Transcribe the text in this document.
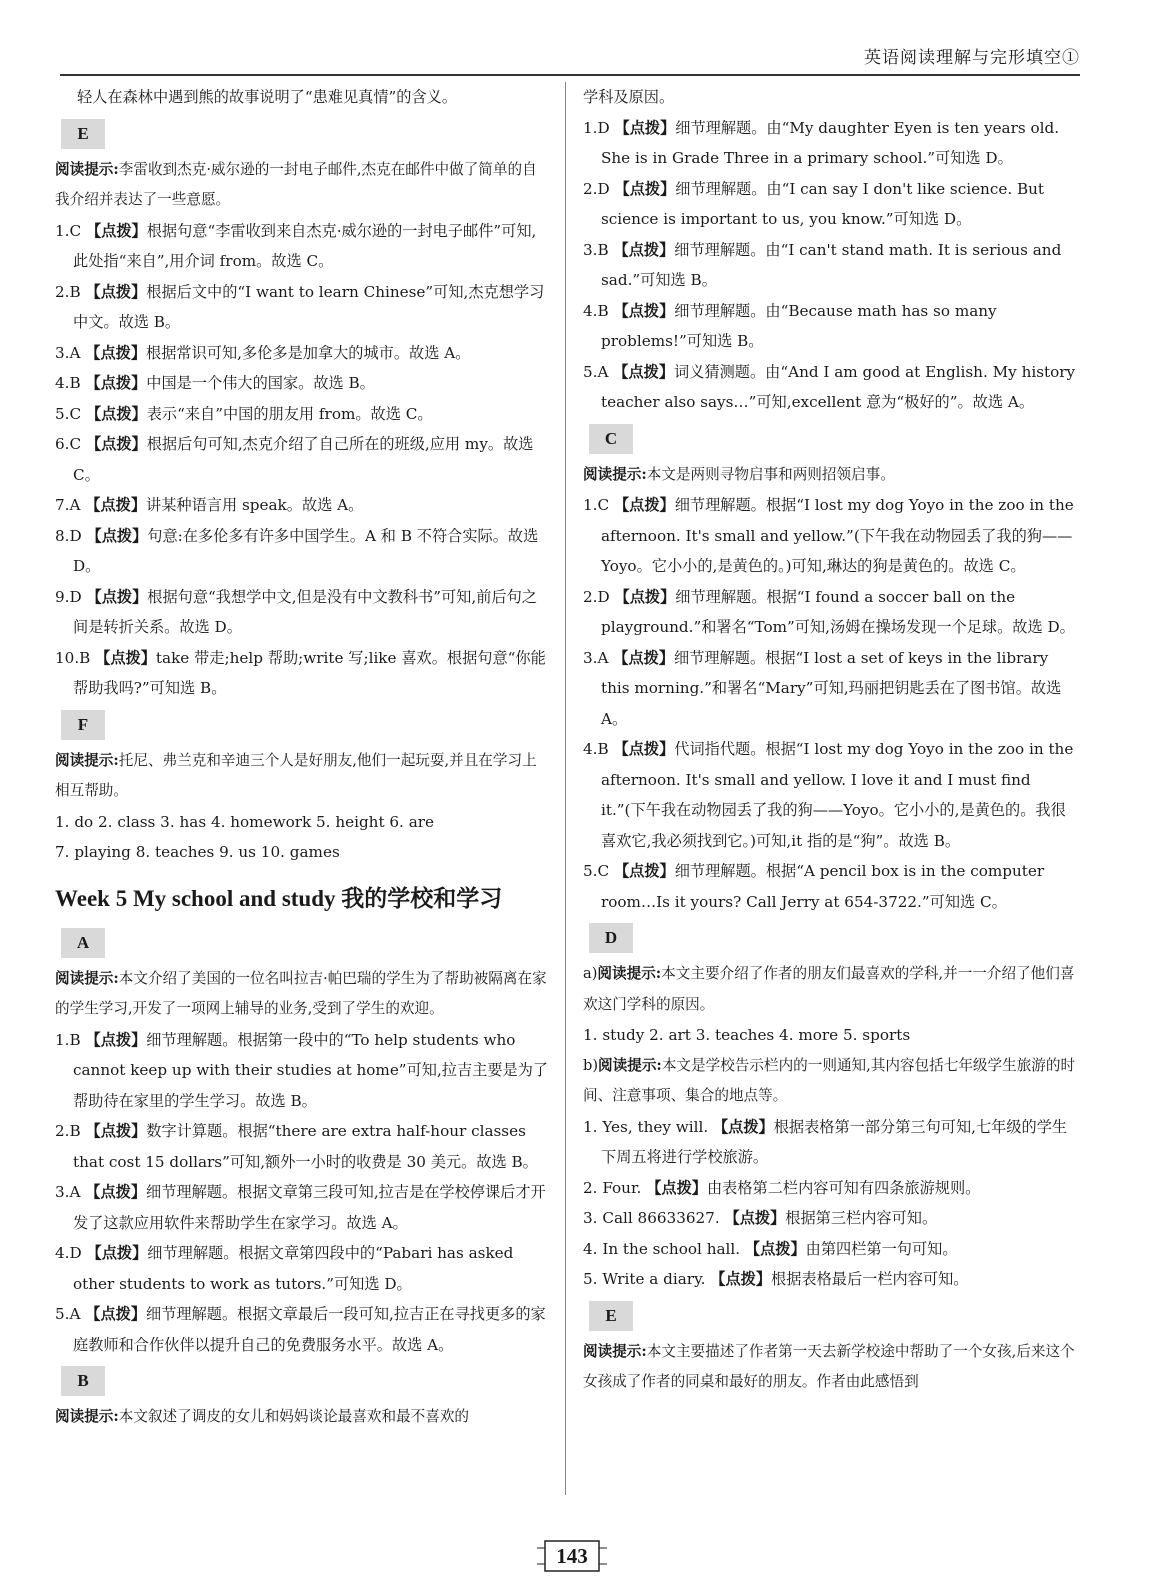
英语阅读理解与完形填空①

轻人在森林中遇到熊的故事说明了“患难见真情”的含义。

E

阅读提示:李雷收到杰克·威尔逊的一封电子邮件,杰克在邮件中做了简单的自我介绍并表达了一些意愿。

1.C 【点拨】根据句意“李雷收到来自杰克·威尔逊的一封电子邮件”可知,此处指“来自”,用介词 from。故选 C。

2.B 【点拨】根据后文中的“I want to learn Chinese”可知,杰克想学习中文。故选 B。

3.A 【点拨】根据常识可知,多伦多是加拿大的城市。故选 A。

4.B 【点拨】中国是一个伟大的国家。故选 B。

5.C 【点拨】表示“来自”中国的朋友用 from。故选 C。

6.C 【点拨】根据后句可知,杰克介绍了自己所在的班级,应用 my。故选 C。

7.A 【点拨】讲某种语言用 speak。故选 A。

8.D 【点拨】句意:在多伦多有许多中国学生。A 和 B 不符合实际。故选 D。

9.D 【点拨】根据句意“我想学中文,但是没有中文教科书”可知,前后句之间是转折关系。故选 D。

10.B 【点拨】take 带走;help 帮助;write 写;like 喜欢。根据句意“你能帮助我吗?”可知选 B。

F

阅读提示:托尼、弗兰克和辛迪三个人是好朋友,他们一起玩耍,并且在学习上相互帮助。

1. do 2. class 3. has 4. homework 5. height 6. are

7. playing 8. teaches 9. us 10. games

Week 5 My school and study 我的学校和学习
A

阅读提示:本文介绍了美国的一位名叫拉吉·帕巴瑞的学生为了帮助被隔离在家的学生学习,开发了一项网上辅导的业务,受到了学生的欢迎。

1.B 【点拨】细节理解题。根据第一段中的“To help students who cannot keep up with their studies at home”可知,拉吉主要是为了帮助待在家里的学生学习。故选 B。

2.B 【点拨】数字计算题。根据“there are extra half-hour classes that cost 15 dollars”可知,额外一小时的收费是 30 美元。故选 B。

3.A 【点拨】细节理解题。根据文章第三段可知,拉吉是在学校停课后才开发了这款应用软件来帮助学生在家学习。故选 A。

4.D 【点拨】细节理解题。根据文章第四段中的“Pabari has asked other students to work as tutors.”可知选 D。

5.A 【点拨】细节理解题。根据文章最后一段可知,拉吉正在寻找更多的家庭教师和合作伙伴以提升自己的免费服务水平。故选 A。

B

阅读提示:本文叙述了调皮的女儿和妈妈谈论最喜欢和最不喜欢的

学科及原因。

1.D 【点拨】细节理解题。由“My daughter Eyen is ten years old. She is in Grade Three in a primary school.”可知选 D。

2.D 【点拨】细节理解题。由“I can say I don't like science. But science is important to us, you know.”可知选 D。

3.B 【点拨】细节理解题。由“I can't stand math. It is serious and sad.”可知选 B。

4.B 【点拨】细节理解题。由“Because math has so many problems!”可知选 B。

5.A 【点拨】词义猜测题。由“And I am good at English. My history teacher also says…”可知,excellent 意为“极好的”。故选 A。

C

阅读提示:本文是两则寻物启事和两则招领启事。

1.C 【点拨】细节理解题。根据“I lost my dog Yoyo in the zoo in the afternoon. It's small and yellow.”(下午我在动物园丢了我的狗——Yoyo。它小小的,是黄色的。)可知,琳达的狗是黄色的。故选 C。

2.D 【点拨】细节理解题。根据“I found a soccer ball on the playground.”和署名“Tom”可知,汤姆在操场发现一个足球。故选 D。

3.A 【点拨】细节理解题。根据“I lost a set of keys in the library this morning.”和署名“Mary”可知,玛丽把钥匙丢在了图书馆。故选 A。

4.B 【点拨】代词指代题。根据“I lost my dog Yoyo in the zoo in the afternoon. It's small and yellow. I love it and I must find it.”(下午我在动物园丢了我的狗——Yoyo。它小小的,是黄色的。我很喜欢它,我必须找到它。)可知,it 指的是“狗”。故选 B。

5.C 【点拨】细节理解题。根据“A pencil box is in the computer room…Is it yours? Call Jerry at 654-3722.”可知选 C。

D

a)阅读提示:本文主要介绍了作者的朋友们最喜欢的学科,并一一介绍了他们喜欢这门学科的原因。

1. study 2. art 3. teaches 4. more 5. sports

b)阅读提示:本文是学校告示栏内的一则通知,其内容包括七年级学生旅游的时间、注意事项、集合的地点等。

1. Yes, they will. 【点拨】根据表格第一部分第三句可知,七年级的学生下周五将进行学校旅游。

2. Four. 【点拨】由表格第二栏内容可知有四条旅游规则。

3. Call 86633627. 【点拨】根据第三栏内容可知。

4. In the school hall. 【点拨】由第四栏第一句可知。

5. Write a diary. 【点拨】根据表格最后一栏内容可知。

E

阅读提示:本文主要描述了作者第一天去新学校途中帮助了一个女孩,后来这个女孩成了作者的同桌和最好的朋友。作者由此感悟到

143
